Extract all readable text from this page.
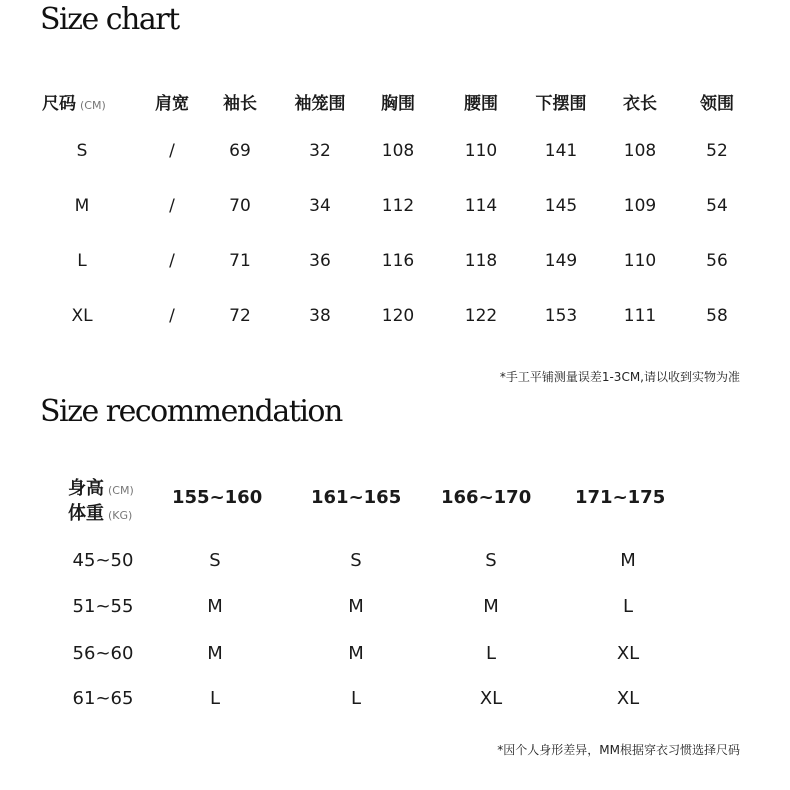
Size chart
尺码 (CM)	肩宽	袖长	袖笼围	胸围	腰围	下摆围	衣长	领围
S	/	69	32	108	110	141	108	52
M	/	70	34	112	114	145	109	54
L	/	71	36	116	118	149	110	56
XL	/	72	38	120	122	153	111	58
*手工平铺测量误差1-3CM,请以收到实物为准
Size recommendation
身高 (CM)
体重 (KG)
155~160	161~165 166~170 171~175
45~50	S	S	S	M
51~55	M	M	M	L
56~60	M	M	L	XL
61~65	L	L	XL	XL
*因个人身形差异，MM根据穿衣习惯选择尺码
